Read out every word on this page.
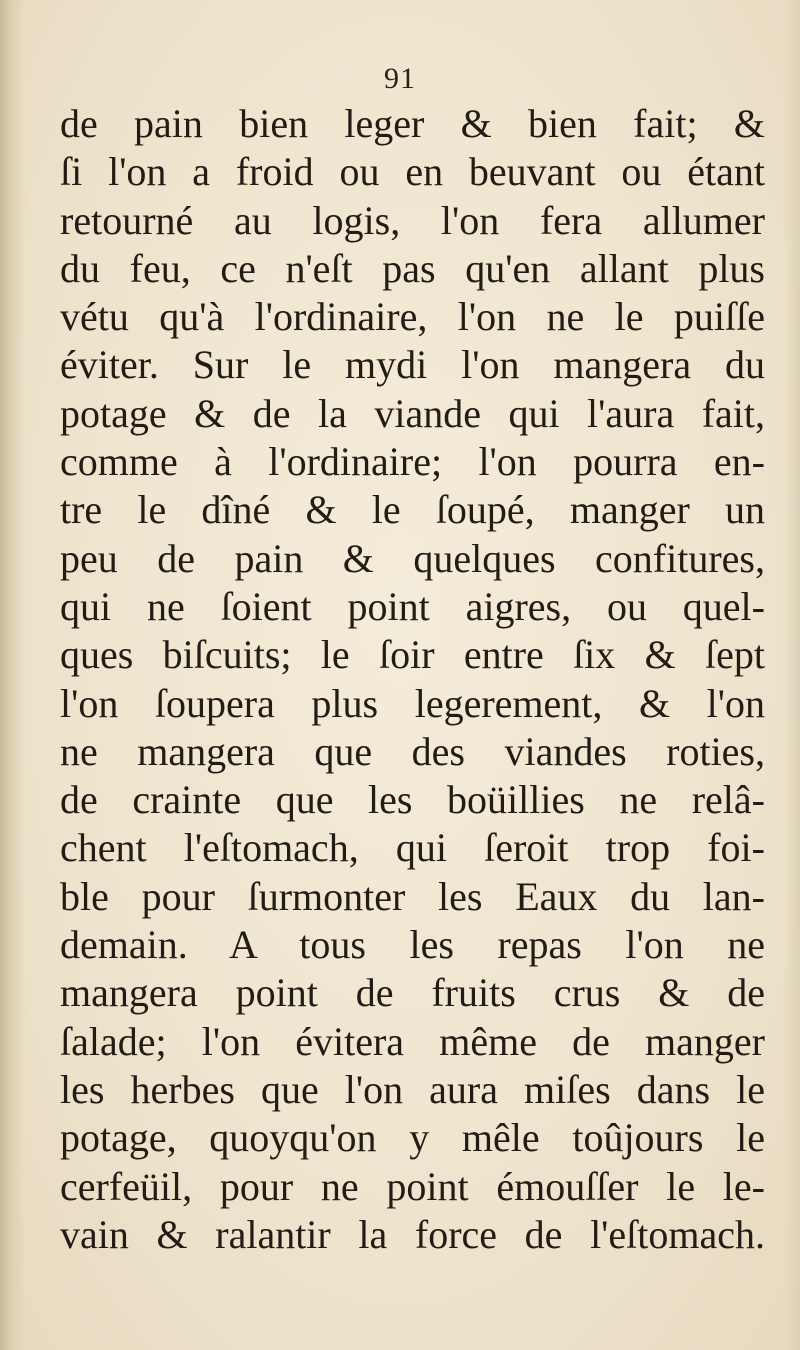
91
de pain bien leger & bien fait; &
ſi l'on a froid ou en beuvant ou étant
retourné au logis, l'on fera allumer
du feu, ce n'eſt pas qu'en allant plus
vétu qu'à l'ordinaire, l'on ne le puiſſe
éviter. Sur le mydi l'on mangera du
potage & de la viande qui l'aura fait,
comme à l'ordinaire; l'on pourra en-
tre le dîné & le ſoupé, manger un
peu de pain & quelques confitures,
qui ne ſoient point aigres, ou quel-
ques biſcuits; le ſoir entre ſix & ſept
l'on ſoupera plus legerement, & l'on
ne mangera que des viandes roties,
de crainte que les boüillies ne relâ-
chent l'eſtomach, qui ſeroit trop foi-
ble pour ſurmonter les Eaux du lan-
demain. A tous les repas l'on ne
mangera point de fruits crus & de
ſalade; l'on évitera même de manger
les herbes que l'on aura miſes dans le
potage, quoyqu'on y mêle toûjours le
cerfeüil, pour ne point émouſſer le le-
vain & ralantir la force de l'eſtomach.
